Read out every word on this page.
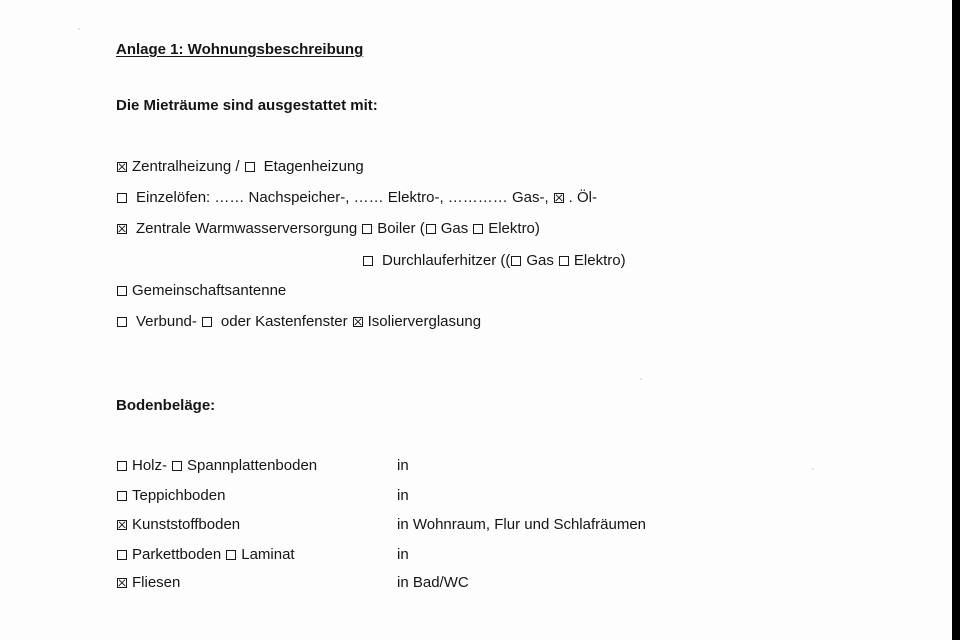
Anlage 1: Wohnungsbeschreibung
Die Mieträume sind ausgestattet mit:
Zentralheizung / Etagenheizung
Einzelöfen: …… Nachspeicher-, …… Elektro-, ………… Gas-, . Öl-
Zentrale Warmwasserversorgung Boiler ( Gas Elektro)
Durchlauferhitzer (( Gas Elektro)
Gemeinschaftsantenne
Verbund- oder Kastenfenster Isolierverglasung
Bodenbeläge:
Holz- Spannplattenboden	in
Teppichboden	in
Kunststoffboden	in Wohnraum, Flur und Schlafräumen
Parkettboden Laminat	in
Fliesen	in Bad/WC
